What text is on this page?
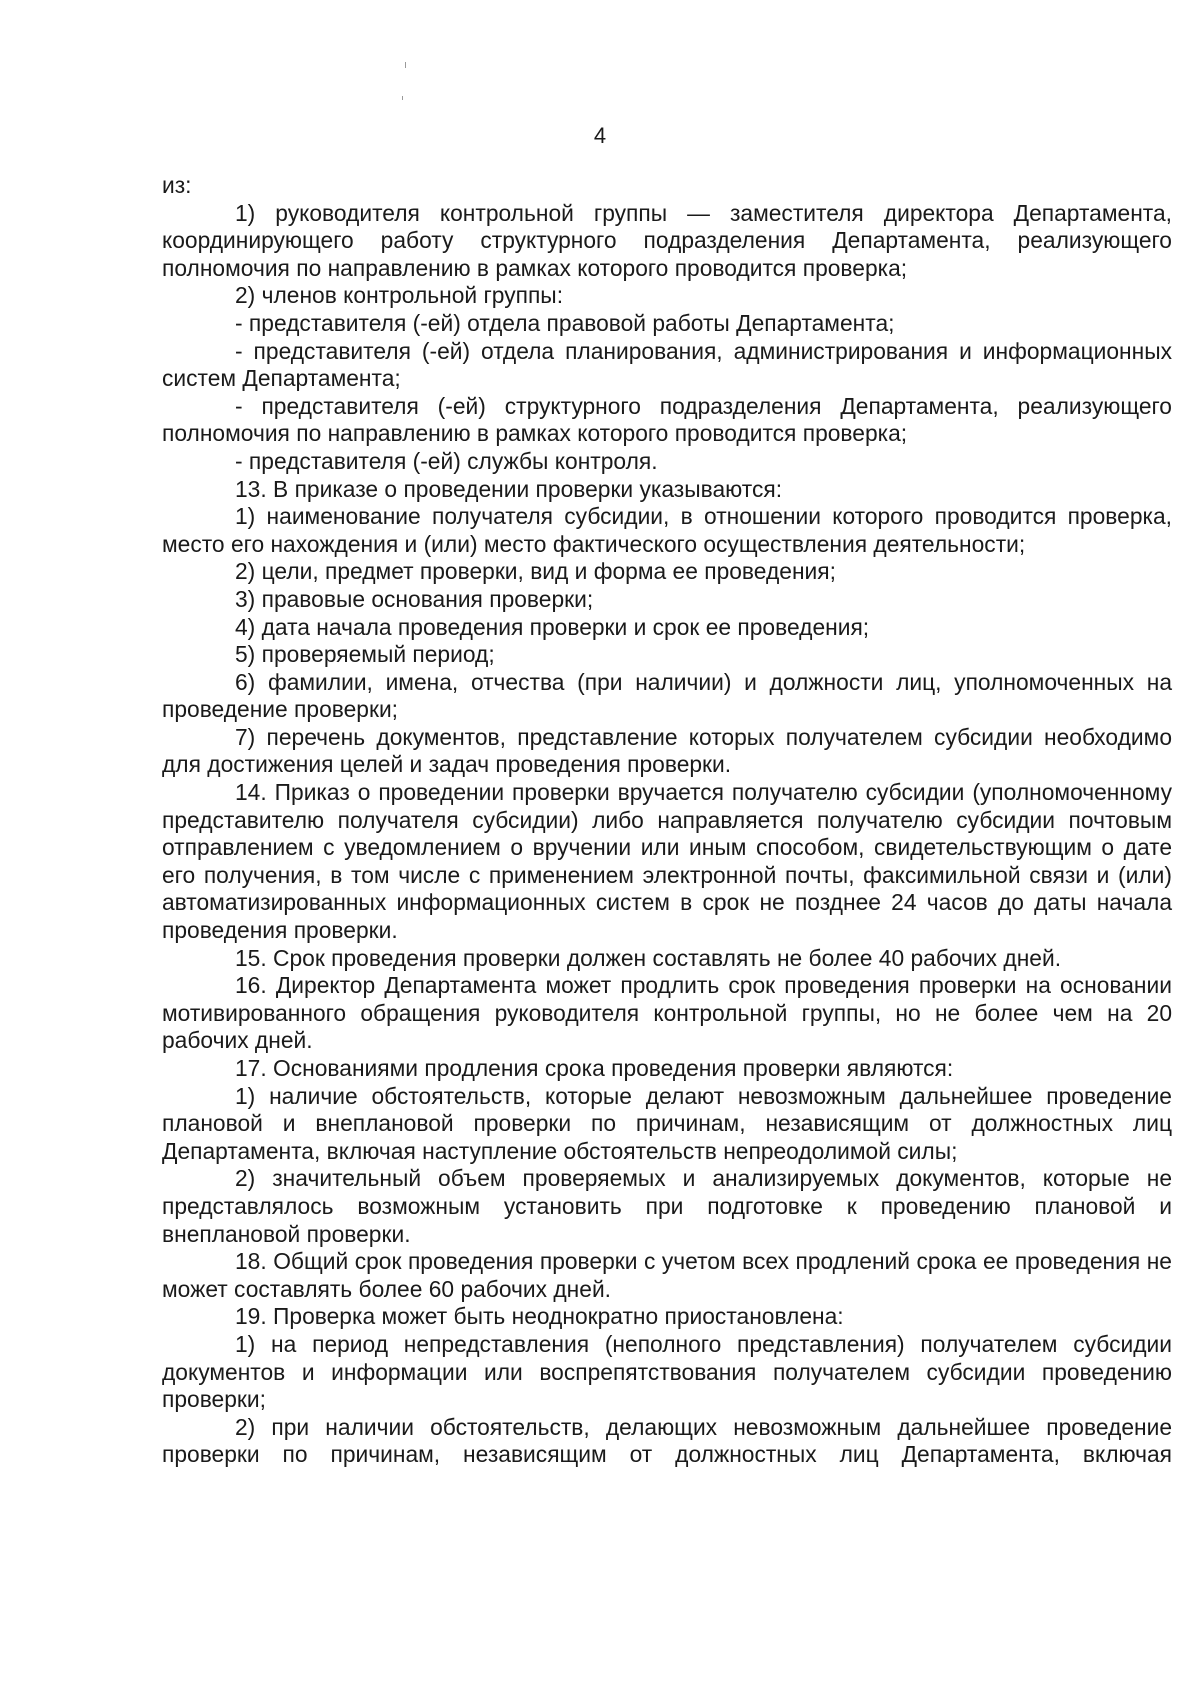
4

из:

1) руководителя контрольной группы — заместителя директора Департамента, координирующего работу структурного подразделения Департамента, реализующего полномочия по направлению в рамках которого проводится проверка;

2) членов контрольной группы:

- представителя (-ей) отдела правовой работы Департамента;

- представителя (-ей) отдела планирования, администрирования и информационных систем Департамента;

- представителя (-ей) структурного подразделения Департамента, реализующего полномочия по направлению в рамках которого проводится проверка;

- представителя (-ей) службы контроля.

13. В приказе о проведении проверки указываются:

1) наименование получателя субсидии, в отношении которого проводится проверка, место его нахождения и (или) место фактического осуществления деятельности;

2) цели, предмет проверки, вид и форма ее проведения;

3) правовые основания проверки;

4) дата начала проведения проверки и срок ее проведения;

5) проверяемый период;

6) фамилии, имена, отчества (при наличии) и должности лиц, уполномоченных на проведение проверки;

7) перечень документов, представление которых получателем субсидии необходимо для достижения целей и задач проведения проверки.

14. Приказ о проведении проверки вручается получателю субсидии (уполномоченному представителю получателя субсидии) либо направляется получателю субсидии почтовым отправлением с уведомлением о вручении или иным способом, свидетельствующим о дате его получения, в том числе с применением электронной почты, факсимильной связи и (или) автоматизированных информационных систем в срок не позднее 24 часов до даты начала проведения проверки.

15. Срок проведения проверки должен составлять не более 40 рабочих дней.

16. Директор Департамента может продлить срок проведения проверки на основании мотивированного обращения руководителя контрольной группы, но не более чем на 20 рабочих дней.

17. Основаниями продления срока проведения проверки являются:

1) наличие обстоятельств, которые делают невозможным дальнейшее проведение плановой и внеплановой проверки по причинам, независящим от должностных лиц Департамента, включая наступление обстоятельств непреодолимой силы;

2) значительный объем проверяемых и анализируемых документов, которые не представлялось возможным установить при подготовке к проведению плановой и внеплановой проверки.

18. Общий срок проведения проверки с учетом всех продлений срока ее проведения не может составлять более 60 рабочих дней.

19. Проверка может быть неоднократно приостановлена:

1) на период непредставления (неполного представления) получателем субсидии документов и информации или воспрепятствования получателем субсидии проведению проверки;

2) при наличии обстоятельств, делающих невозможным дальнейшее проведение проверки по причинам, независящим от должностных лиц Департамента, включая
